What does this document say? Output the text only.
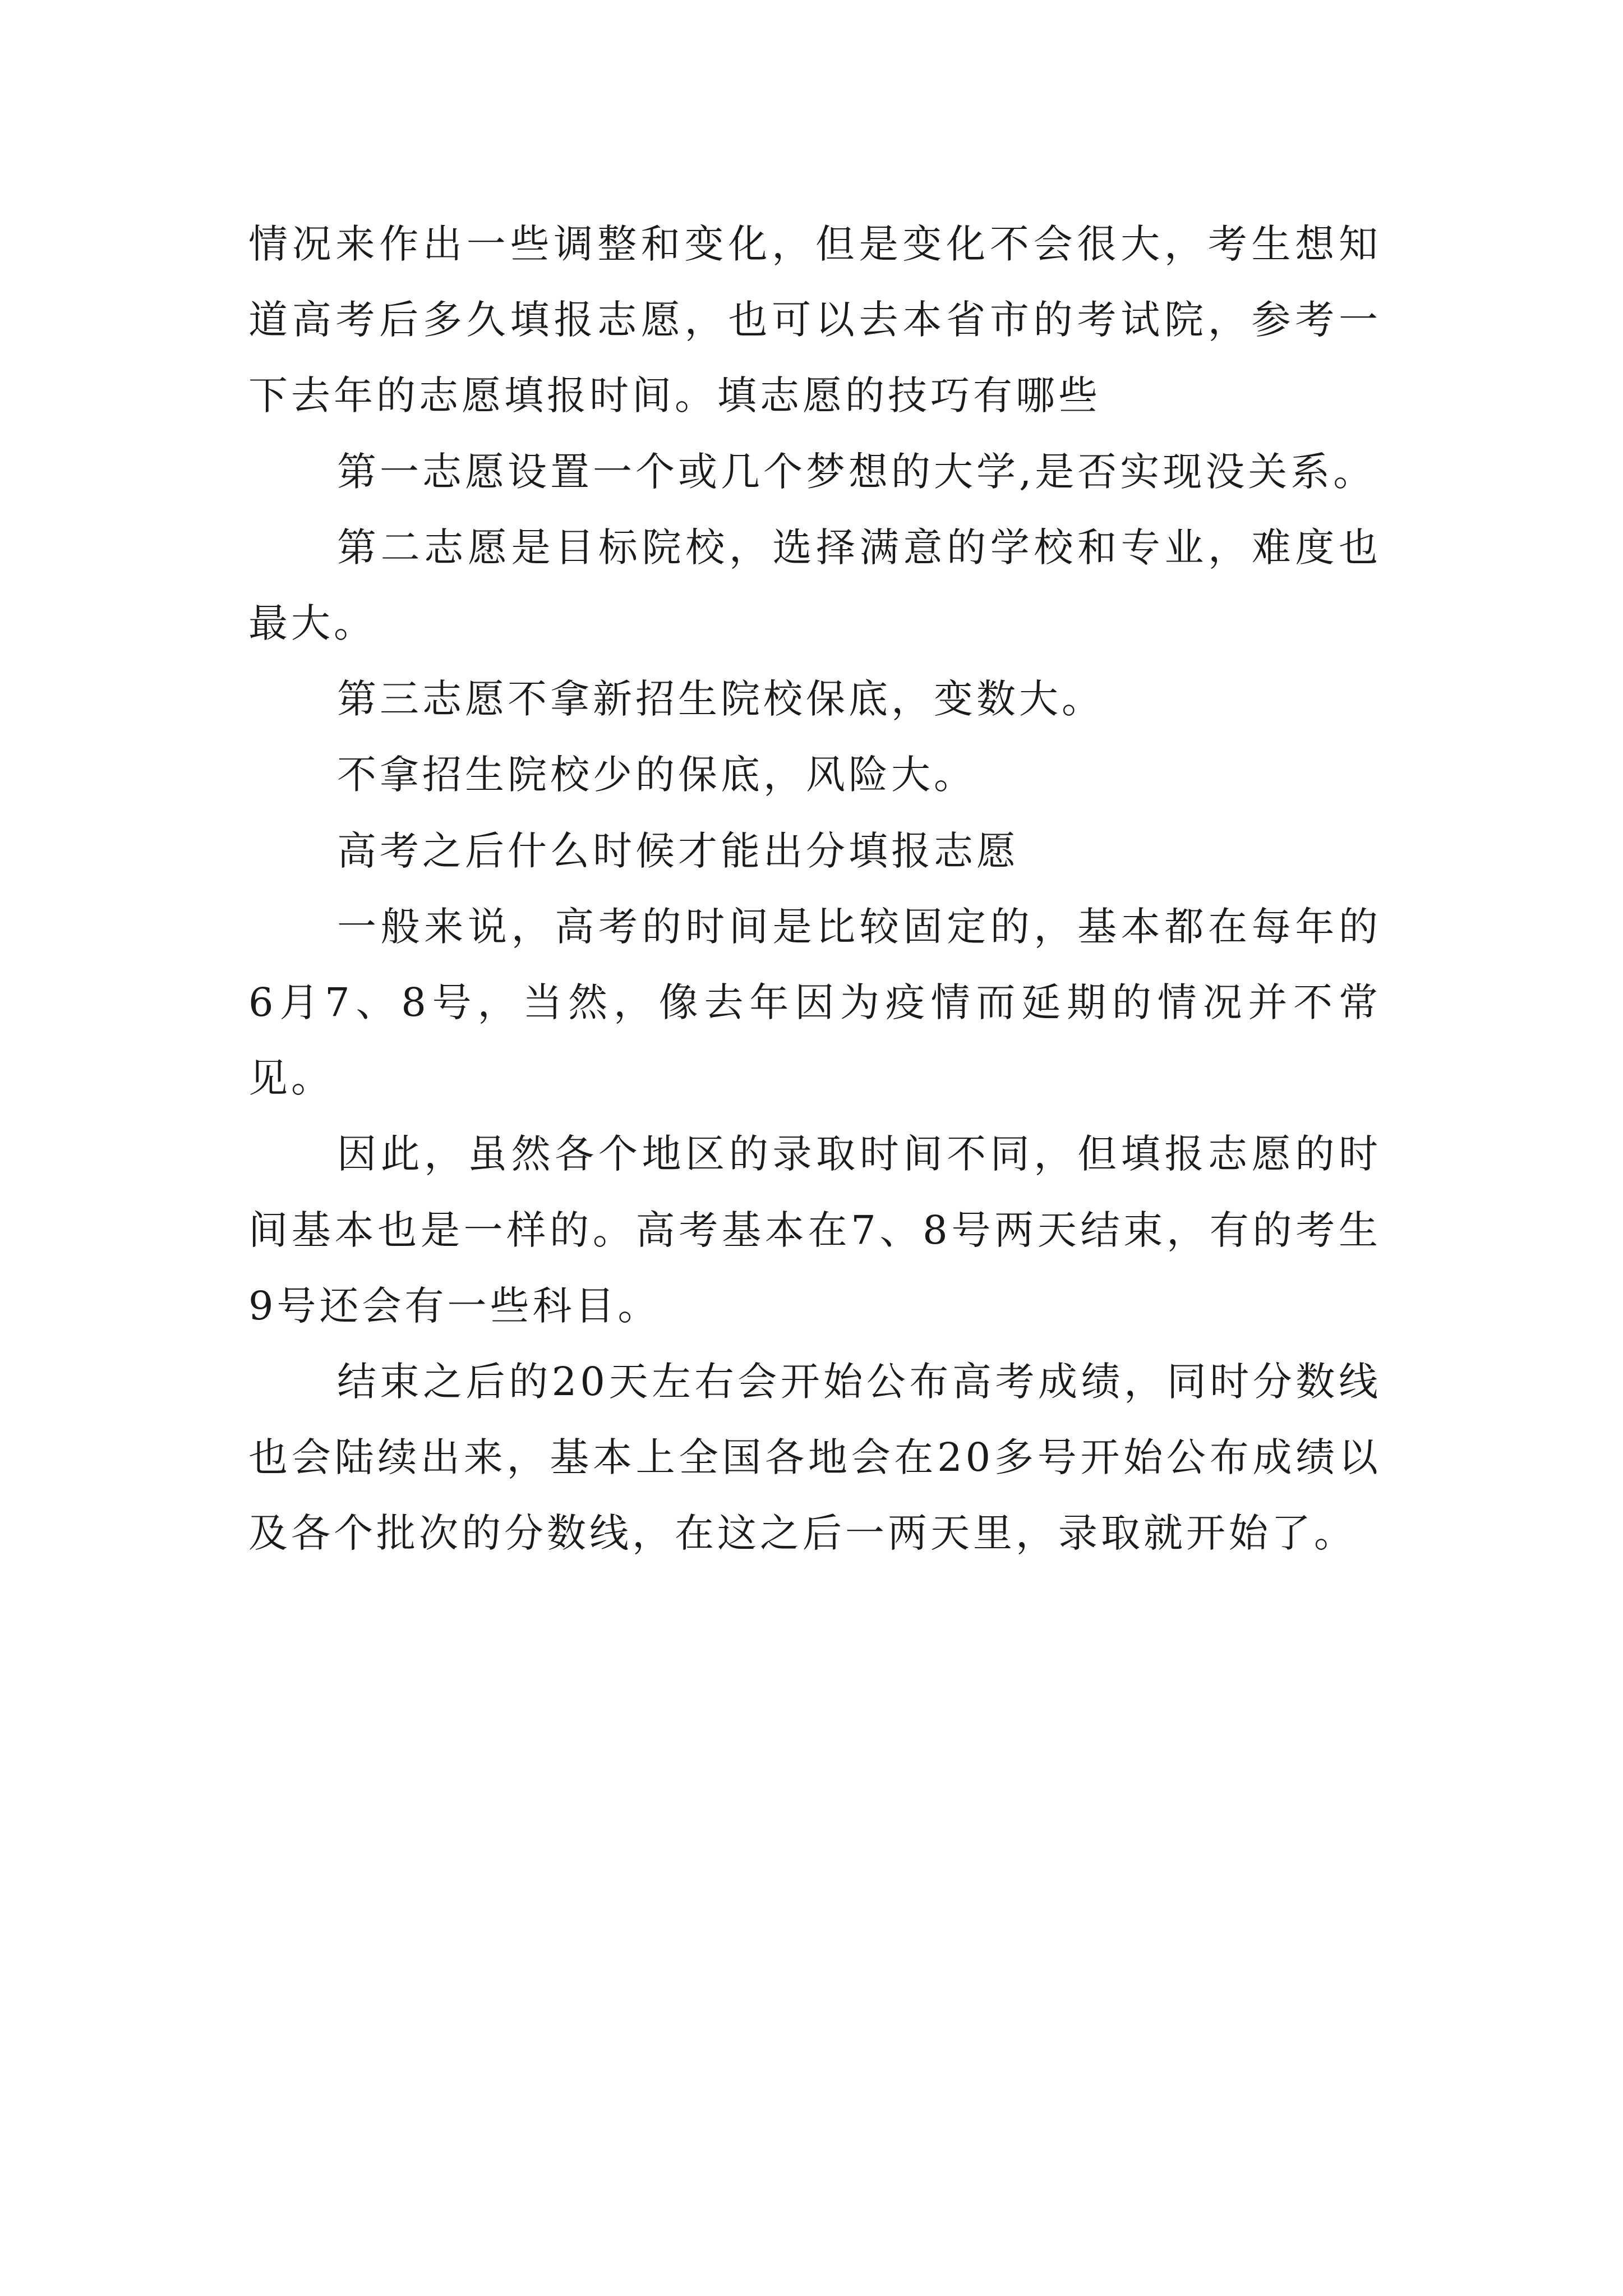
情况来作出一些调整和变化，但是变化不会很大，考生想知道高考后多久填报志愿，也可以去本省市的考试院，参考一下去年的志愿填报时间。填志愿的技巧有哪些

第一志愿设置一个或几个梦想的大学,是否实现没关系。

第二志愿是目标院校，选择满意的学校和专业，难度也最大。

第三志愿不拿新招生院校保底，变数大。

不拿招生院校少的保底，风险大。

高考之后什么时候才能出分填报志愿

一般来说，高考的时间是比较固定的，基本都在每年的6月7、8号，当然，像去年因为疫情而延期的情况并不常见。

因此，虽然各个地区的录取时间不同，但填报志愿的时间基本也是一样的。高考基本在7、8号两天结束，有的考生9号还会有一些科目。

结束之后的20天左右会开始公布高考成绩，同时分数线也会陆续出来，基本上全国各地会在20多号开始公布成绩以及各个批次的分数线，在这之后一两天里，录取就开始了。
